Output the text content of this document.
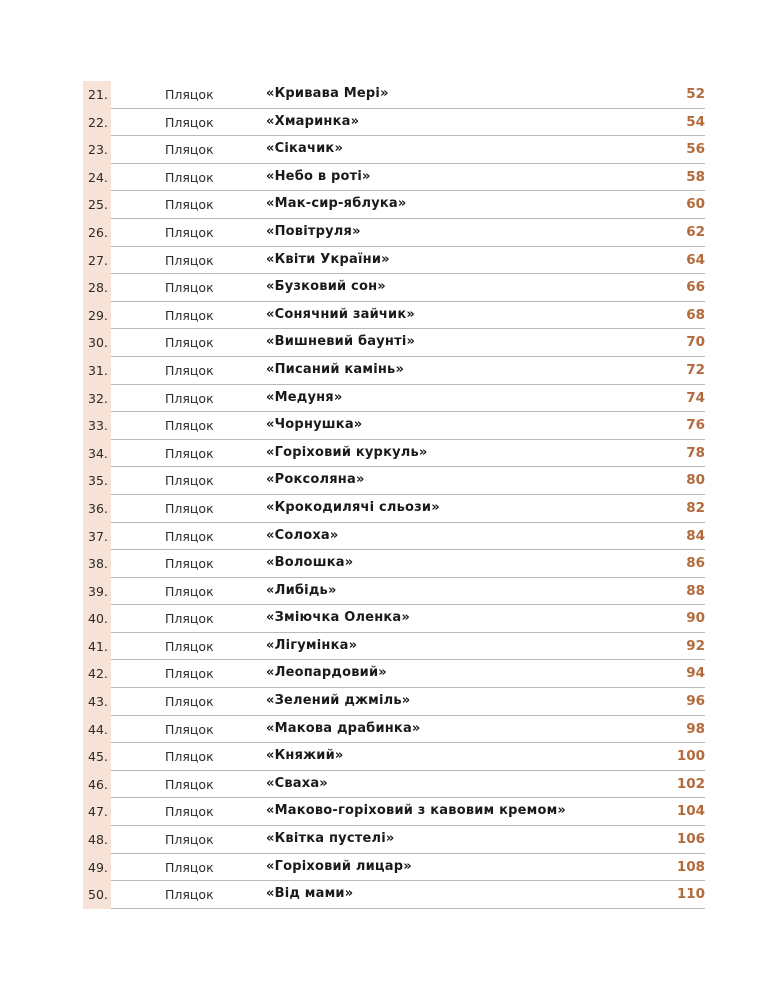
21.	Пляцок	«Кривава Мері»	52
22.	Пляцок	«Хмаринка»	54
23.	Пляцок	«Сікачик»	56
24.	Пляцок	«Небо в роті»	58
25.	Пляцок	«Мак-сир-яблука»	60
26.	Пляцок	«Повітруля»	62
27.	Пляцок	«Квіти України»	64
28.	Пляцок	«Бузковий сон»	66
29.	Пляцок	«Сонячний зайчик»	68
30.	Пляцок	«Вишневий баунті»	70
31.	Пляцок	«Писаний камінь»	72
32.	Пляцок	«Медуня»	74
33.	Пляцок	«Чорнушка»	76
34.	Пляцок	«Горіховий куркуль»	78
35.	Пляцок	«Роксоляна»	80
36.	Пляцок	«Крокодилячі сльози»	82
37.	Пляцок	«Солоха»	84
38.	Пляцок	«Волошка»	86
39.	Пляцок	«Либідь»	88
40.	Пляцок	«Зміючка Оленка»	90
41.	Пляцок	«Лігумінка»	92
42.	Пляцок	«Леопардовий»	94
43.	Пляцок	«Зелений джміль»	96
44.	Пляцок	«Макова драбинка»	98
45.	Пляцок	«Княжий»	100
46.	Пляцок	«Сваха»	102
47.	Пляцок	«Маково-горіховий з кавовим кремом»	104
48.	Пляцок	«Квітка пустелі»	106
49.	Пляцок	«Горіховий лицар»	108
50.	Пляцок	«Від мами»	110
